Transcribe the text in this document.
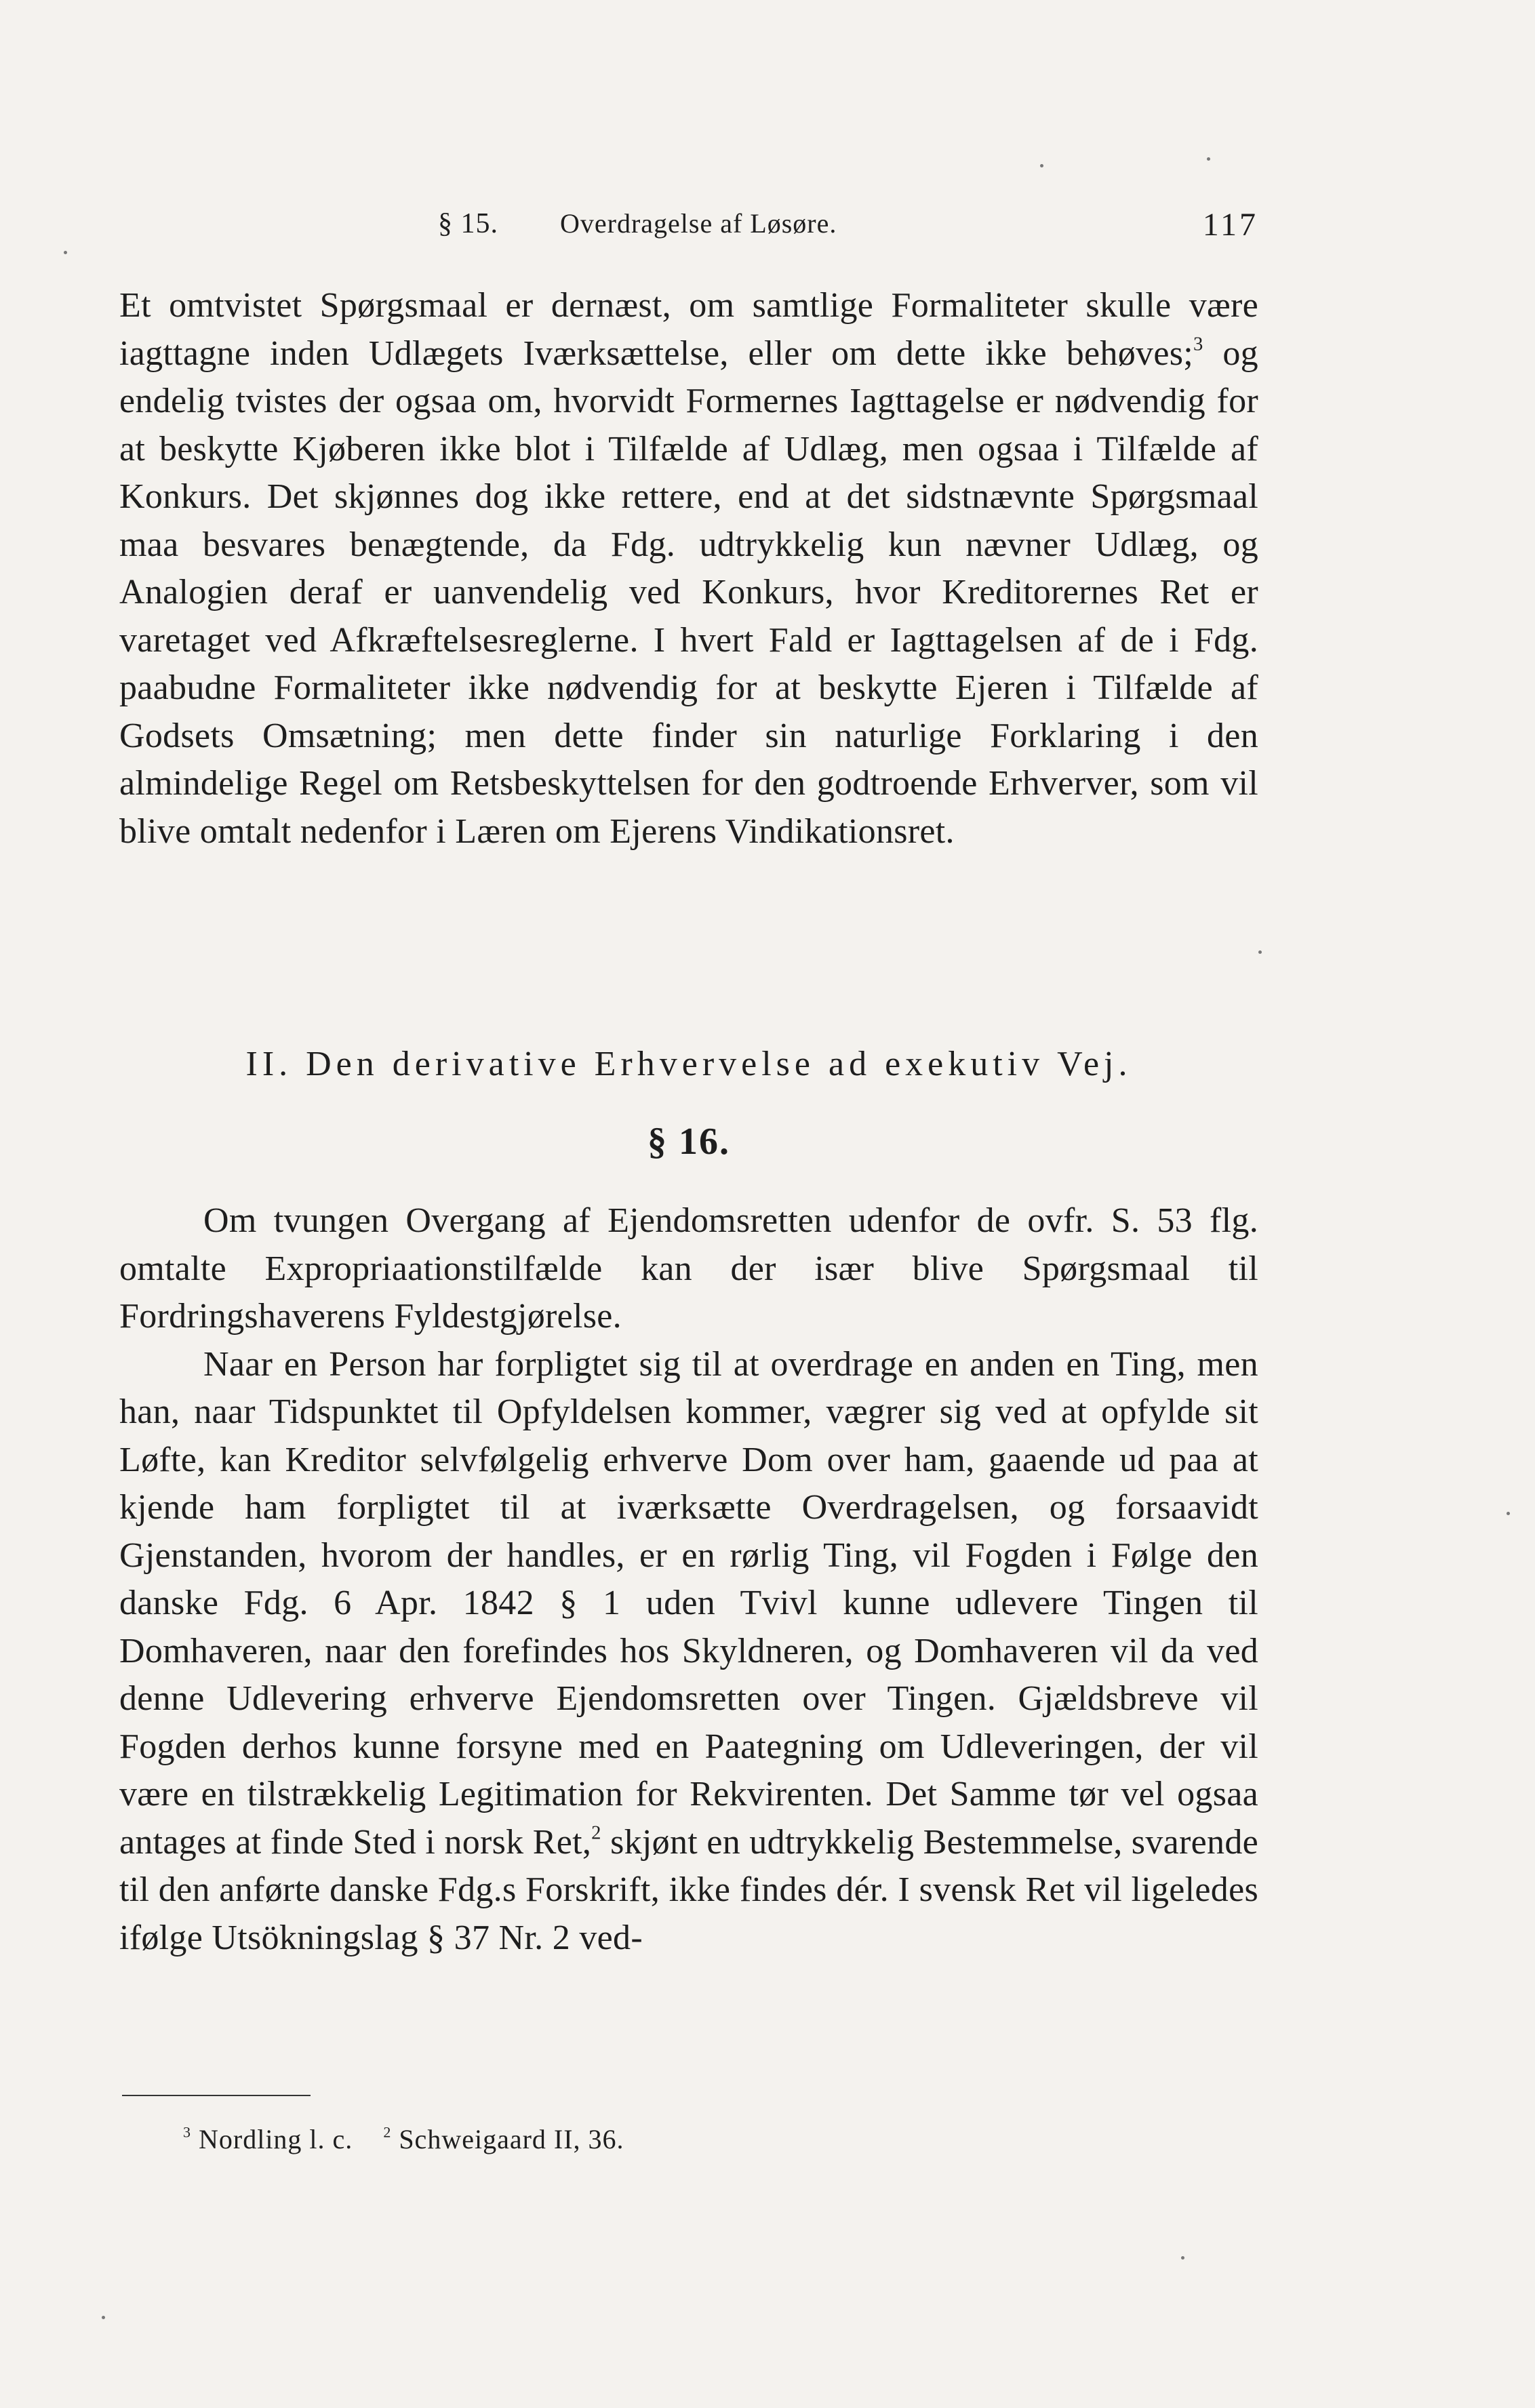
§ 15. Overdragelse af Løsøre.	117

Et omtvistet Spørgsmaal er dernæst, om samtlige Formaliteter skulle være iagttagne inden Udlægets Iværksættelse, eller om dette ikke behøves;$^3$ og endelig tvistes der ogsaa om, hvorvidt Formernes Iagttagelse er nødvendig for at beskytte Kjøberen ikke blot i Tilfælde af Udlæg, men ogsaa i Tilfælde af Konkurs. Det skjønnes dog ikke rettere, end at det sidstnævnte Spørgsmaal maa besvares benægtende, da Fdg. udtrykkelig kun nævner Udlæg, og Analogien deraf er uanvendelig ved Konkurs, hvor Kreditorernes Ret er varetaget ved Afkræftelsesreglerne. I hvert Fald er Iagttagelsen af de i Fdg. paabudne Formaliteter ikke nødvendig for at beskytte Ejeren i Tilfælde af Godsets Omsætning; men dette finder sin naturlige Forklaring i den almindelige Regel om Retsbeskyttelsen for den godtroende Erhverver, som vil blive omtalt nedenfor i Læren om Ejerens Vindikationsret.

II. Den derivative Erhvervelse ad exekutiv Vej.
§ 16.

Om tvungen Overgang af Ejendomsretten udenfor de ovfr. S. 53 flg. omtalte Expropriaationstilfælde kan der især blive Spørgsmaal til Fordringshaverens Fyldestgjørelse.

Naar en Person har forpligtet sig til at overdrage en anden en Ting, men han, naar Tidspunktet til Opfyldelsen kommer, vægrer sig ved at opfylde sit Løfte, kan Kreditor selvfølgelig erhverve Dom over ham, gaaende ud paa at kjende ham forpligtet til at iværksætte Overdragelsen, og forsaavidt Gjenstanden, hvorom der handles, er en rørlig Ting, vil Fogden i Følge den danske Fdg. 6 Apr. 1842 § 1 uden Tvivl kunne udlevere Tingen til Domhaveren, naar den forefindes hos Skyldneren, og Domhaveren vil da ved denne Udlevering erhverve Ejendomsretten over Tingen. Gjældsbreve vil Fogden derhos kunne forsyne med en Paategning om Udleveringen, der vil være en tilstrækkelig Legitimation for Rekvirenten. Det Samme tør vel ogsaa antages at finde Sted i norsk Ret,$^2$ skjønt en udtrykkelig Bestemmelse, svarende til den anførte danske Fdg.s Forskrift, ikke findes dér. I svensk Ret vil ligeledes ifølge Utsökningslag § 37 Nr. 2 ved-

$^3$ Nordling l. c. $^2$ Schweigaard II, 36.
